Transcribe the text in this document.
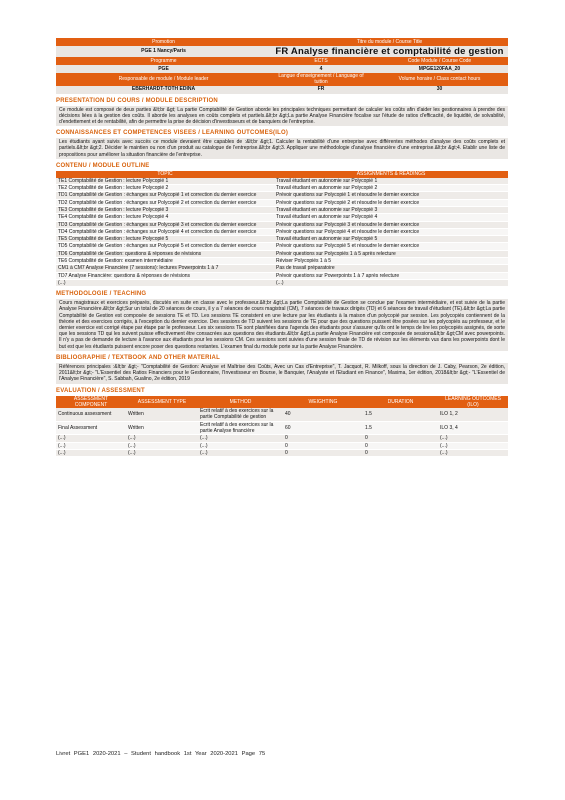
Promotion	Titre du module / Course Title	
PGE 1 Nancy/Paris	FR Analyse financière et comptabilité de gestion	
Programme	ECTS	Code Module / Course Code
PGE	4	MPGE120FAA_20
Responsable de module / Module leader	Langue d'enseignement / Language of tuition	Volume horaire / Class contact hours
EBERHARDT-TOTH EDINA	FR	30
PRESENTATION DU COURS / MODULE DESCRIPTION
Ce module est composé de deux parties &lt;br &gt; La partie Comptabilité de Gestion aborde les principales techniques permettant de calculer les coûts afin d'aider les gestionnaires à prendre des décisions liées à la gestion des coûts. Il aborde les analyses en coûts complets et partiels.&lt;br &gt;La partie Analyse Financière focalise sur l'étude de ratios d'efficacité, de liquidité, de solvabilité, d'endettement et de rentabilité, afin de permettre la prise de décision d'investisseurs et de banquiers de l'entreprise.
CONNAISSANCES ET COMPETENCES VISEES / LEARNING OUTCOMES(ILO)
Les étudiants ayant suivis avec succès ce module devraient être capables de :&lt;br &gt;1. Calculer la rentabilité d'une entreprise avec différentes méthodes d'analyse des coûts complets et partiels.&lt;br &gt;2. Décider le maintien ou non d'un produit au catalogue de l'entreprise.&lt;br &gt;3. Appliquer une méthodologie d'analyse financière d'une entreprise.&lt;br &gt;4. Etablir une liste de propositions pour améliorer la situation financière de l'entreprise.
CONTENU / MODULE OUTLINE
TOPIC	ASSIGNMENTS & READINGS
TE1 Comptabilité de Gestion : lecture Polycopié 1	Travail étudiant en autonomie sur Polycopié 1
TE2 Comptabilité de Gestion : lecture Polycopié 2	Travail étudiant en autonomie sur Polycopié 2
TD1 Comptabilité de Gestion : échanges sur Polycopié 1 et correction du dernier exercice	Prévoir questions sur Polycopié 1 et résoudre le dernier exercice
TD2 Comptabilité de Gestion : échanges sur Polycopié 2 et correction du dernier exercice	Prévoir questions sur Polycopié 2 et résoudre le dernier exercice
TE3 Comptabilité de Gestion : lecture Polycopié 3	Travail étudiant en autonomie sur Polycopié 3
TE4 Comptabilité de Gestion : lecture Polycopié 4	Travail étudiant en autonomie sur Polycopié 4
TD3 Comptabilité de Gestion : échanges sur Polycopié 3 et correction du dernier exercice	Prévoir questions sur Polycopié 3 et résoudre le dernier exercice
TD4 Comptabilité de Gestion : échanges sur Polycopié 4 et correction du dernier exercice	Prévoir questions sur Polycopié 4 et résoudre le dernier exercice
TE5 Comptabilité de Gestion : lecture Polycopié 5	Travail étudiant en autonomie sur Polycopié 5
TD5 Comptabilité de Gestion : échanges sur Polycopié 5 et correction du dernier exercice	Prévoir questions sur Polycopié 5 et résoudre le dernier exercice
TD6 Comptabilité de Gestion: questions & réponses de révisions	Prévoir questions sur Polycopiés 1 à 5 après relecture
TE6 Comptabilité de Gestion: examen intermédiaire	Réviser Polycopiés 1 à 5
CM1 à CM7 Analyse Financière (7 sessions): lectures Powerpoints 1 à 7	Pas de travail préparatoire
TD7 Analyse Financière: questions & réponses de révisions	Prévoir questions sur Powerpoints 1 à 7 après relecture
(...)	(...)
METHODOLOGIE / TEACHING
Cours magistraux et exercices préparés, discutés en suite en classe avec le professeur.&lt;br &gt;La partie Comptabilité de Gestion se conclue par l'examen intermédiaire, et est suivie de la partie Analyse Financière.&lt;br &gt;Sur un total de 20 séances de cours, il y a 7 séances de cours magistral (CM), 7 séances de travaux dirigés (TD) et 6 séances de travail d'étudiant (TE).&lt;br &gt;La partie Comptabilité de Gestion est composée de sessions TE et TD. Les sessions TE consistent en une lecture par les étudiants à la maison d'un polycopié par session. Les polycopiés contiennent de la théorie et des exercices corrigés, à l'exception du dernier exercice. Des sessions de TD suivent les sessions de TE pour que des questions puissent être posées sur les polycopiés au professeur, et le dernier exercice est corrigé étape par étape par le professeur. Les six sessions TE sont planifiées dans l'agenda des étudiants pour s'assurer qu'ils ont le temps de lire les polycopiés assignés, de sorte que les sessions TD qui les suivent puisse effectivement être consacrées aux questions des étudiants.&lt;br &gt;La partie Analyse Financière est composée de sessions&lt;br &gt;CM avec powerpoints. Il n'y a pas de demande de lecture à l'avance aux étudiants pour les sessions CM. Ces sessions sont suivies d'une session finale de TD de révision sur les éléments vus dans les powerpoints dont le but est que les étudiants puissent encore poser des questions restantes. L'examen final du module porte sur la partie Analyse Financière.
BIBLIOGRAPHIE / TEXTBOOK AND OTHER MATERIAL
Références principales :&lt;br &gt;- "Comptabilité de Gestion: Analyse et Maîtrise des Coûts, Avec un Cas d'Entreprise", T. Jacquot, R. Milkoff, sous la direction de J. Caby, Pearson, 2e édition, 2011&lt;br &gt;- "L'Essentiel des Ratios Financiers pour le Gestionnaire, l'Investisseur en Bourse, le Banquier, l'Analyste et l'Etudiant en Finance", Maxima, 1er édition, 2018&lt;br &gt;- "L'Essentiel de l'Analyse Financière", S. Sabbah, Gualino, 2e édition, 2019
EVALUATION / ASSESSMENT
ASSESSMENT COMPONENT	ASSESSMENT TYPE	METHOD	WEIGHTING	DURATION	LEARNING OUTCOMES (ILO)
Continuous assessment	Written	Ecrit relatif à des exercices sur la partie Comptabilité de gestion	40	1.5	ILO 1, 2
Final Assessment	Written	Ecrit relatif à des exercices sur la partie Analyse financière	60	1.5	ILO 3, 4
(...)	(...)	(...)	0	0	(...)
(...)	(...)	(...)	0	0	(...)
(...)	(...)	(...)	0	0	(...)
Livret PGE1 2020-2021 – Student handbook 1st Year 2020-2021 Page 75
